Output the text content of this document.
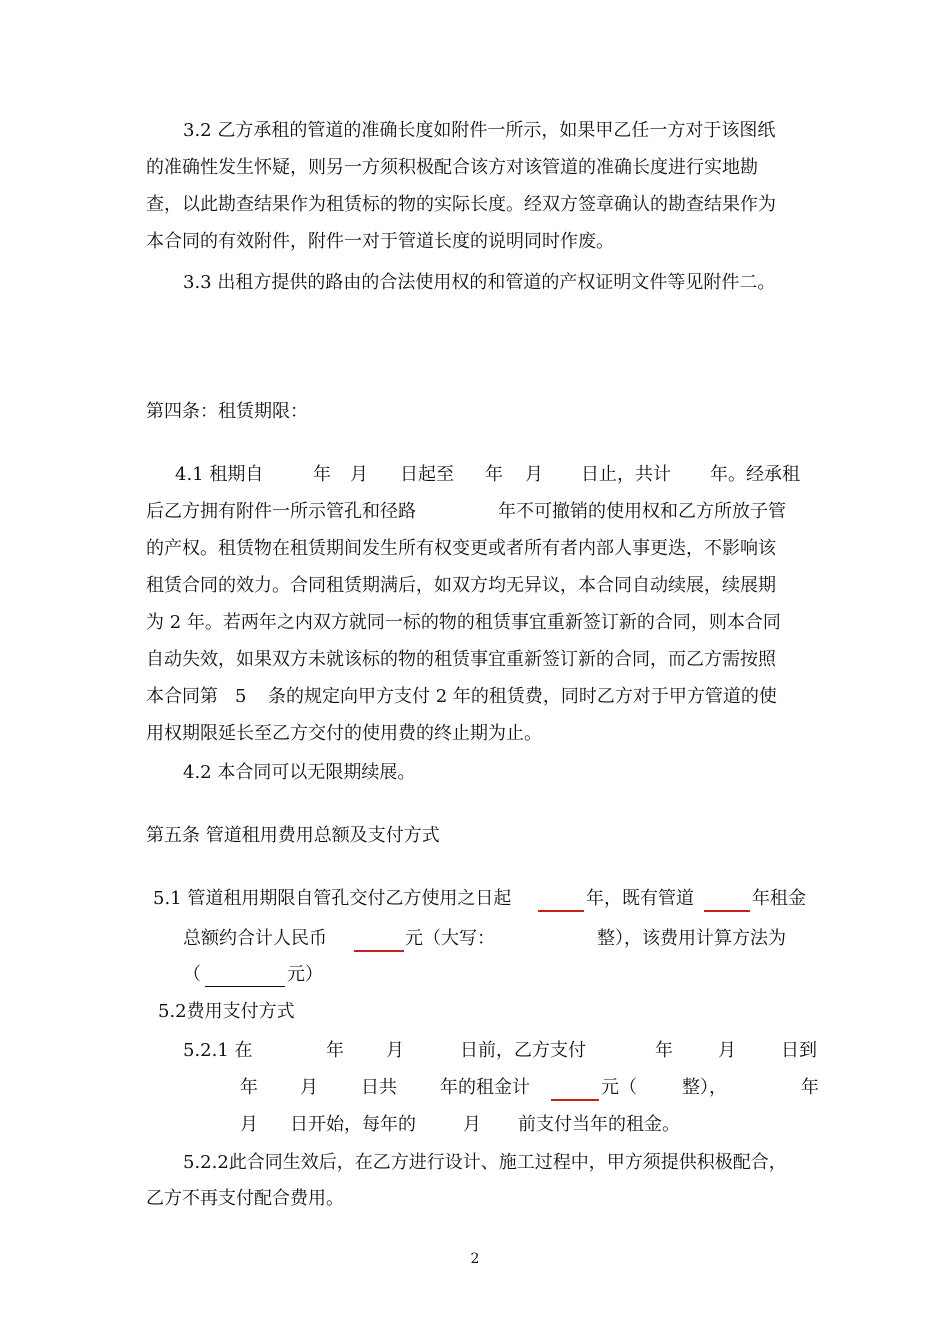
3.2 乙方承租的管道的准确长度如附件一所示，如果甲乙任一方对于该图纸
的准确性发生怀疑，则另一方须积极配合该方对该管道的准确长度进行实地勘
查，以此勘查结果作为租赁标的物的实际长度。经双方签章确认的勘查结果作为
本合同的有效附件，附件一对于管道长度的说明同时作废。
3.3 出租方提供的路由的合法使用权的和管道的产权证明文件等见附件二。
第四条：租赁期限：
4.1 租期自	年 月 日起至 年 月 日止，共计 年。经承租
后乙方拥有附件一所示管孔和径路	年不可撤销的使用权和乙方所放子管
的产权。租赁物在租赁期间发生所有权变更或者所有者内部人事更迭，不影响该
租赁合同的效力。合同租赁期满后，如双方均无异议，本合同自动续展，续展期
为 2 年。若两年之内双方就同一标的物的租赁事宜重新签订新的合同，则本合同
自动失效，如果双方未就该标的物的租赁事宜重新签订新的合同，而乙方需按照
本合同第 5 条的规定向甲方支付 2 年的租赁费，同时乙方对于甲方管道的使
用权期限延长至乙方交付的使用费的终止期为止。
4.2 本合同可以无限期续展。
第五条 管道租用费用总额及支付方式
5.1 管道租用期限自管孔交付乙方使用之日起	年，既有管道	年租金
总额约合计人民币	元（大写：	整），该费用计算方法为
（	元）
5.2费用支付方式
5.2.1 在	年 月	日前，乙方支付	年	月	日到
年 月 日共 年的租金计	元（	整），	年
月 日开始，每年的	月 前支付当年的租金。
5.2.2此合同生效后，在乙方进行设计、施工过程中，甲方须提供积极配合，
乙方不再支付配合费用。
2
